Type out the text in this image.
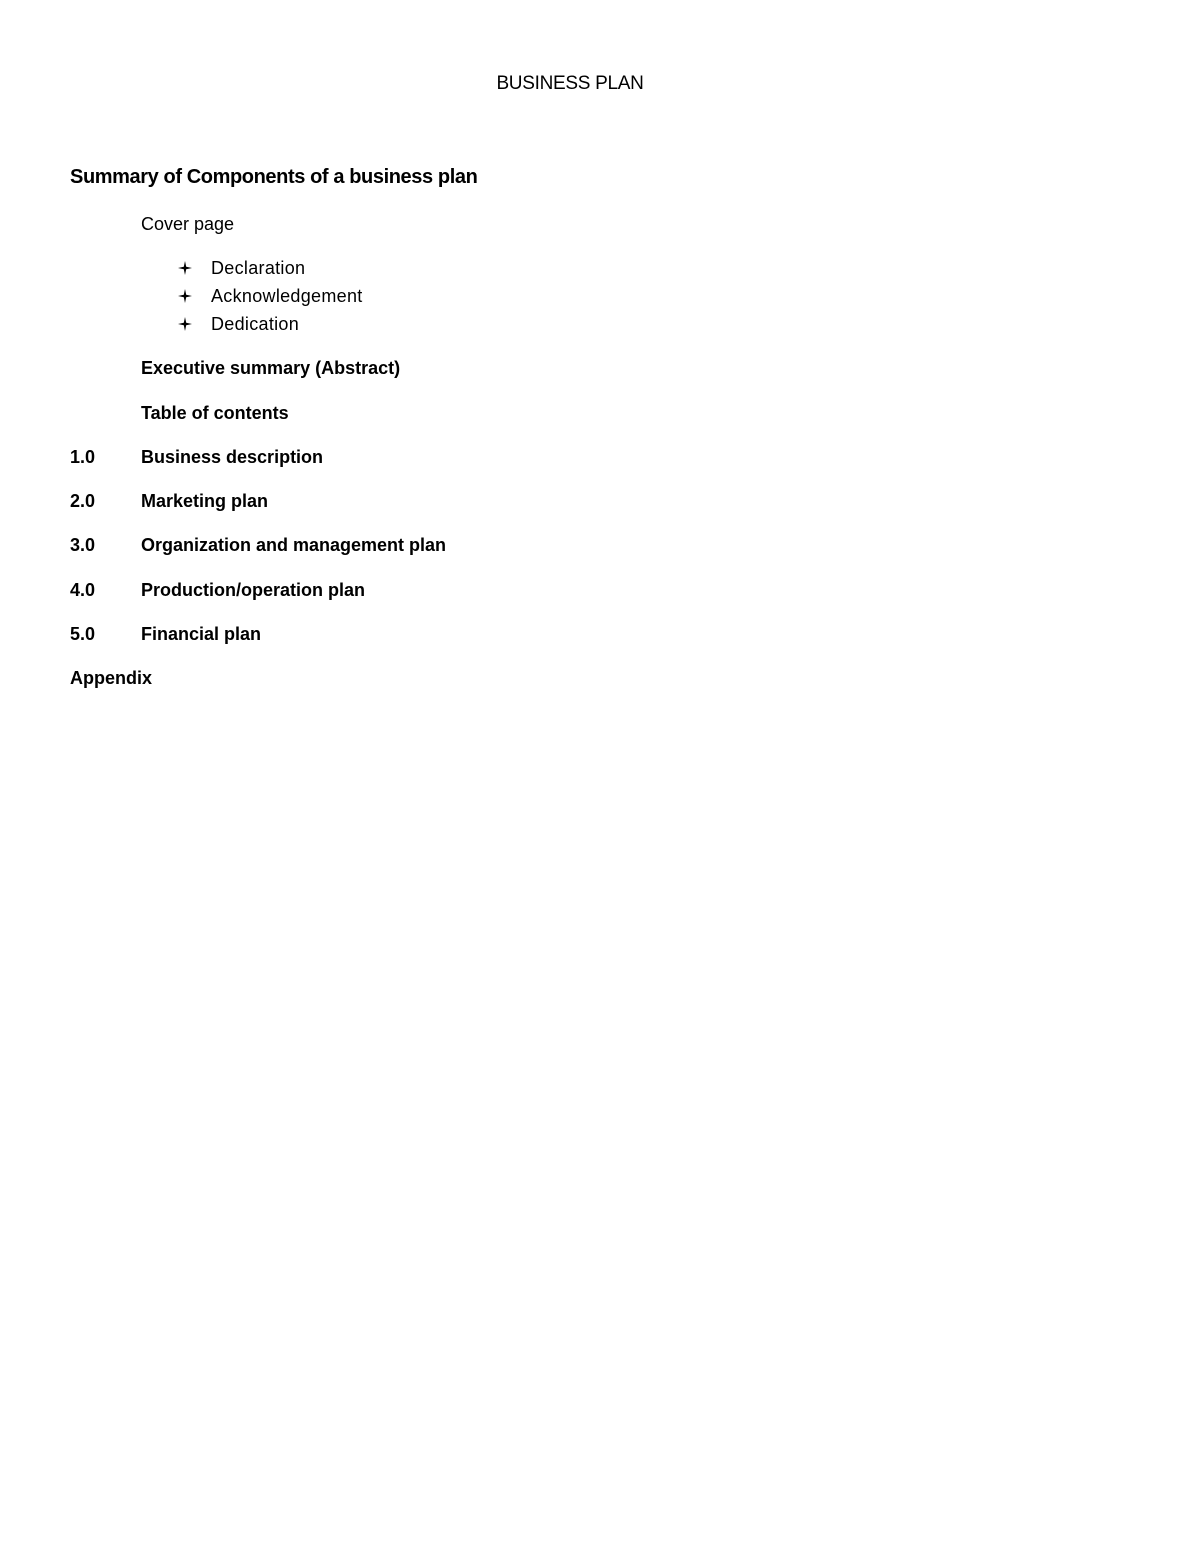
BUSINESS PLAN
Summary of Components of a business plan
Cover page
Declaration
Acknowledgement
Dedication
Executive summary (Abstract)
Table of contents
1.0	Business description
2.0	Marketing plan
3.0	Organization and management plan
4.0	Production/operation plan
5.0	Financial plan
Appendix
